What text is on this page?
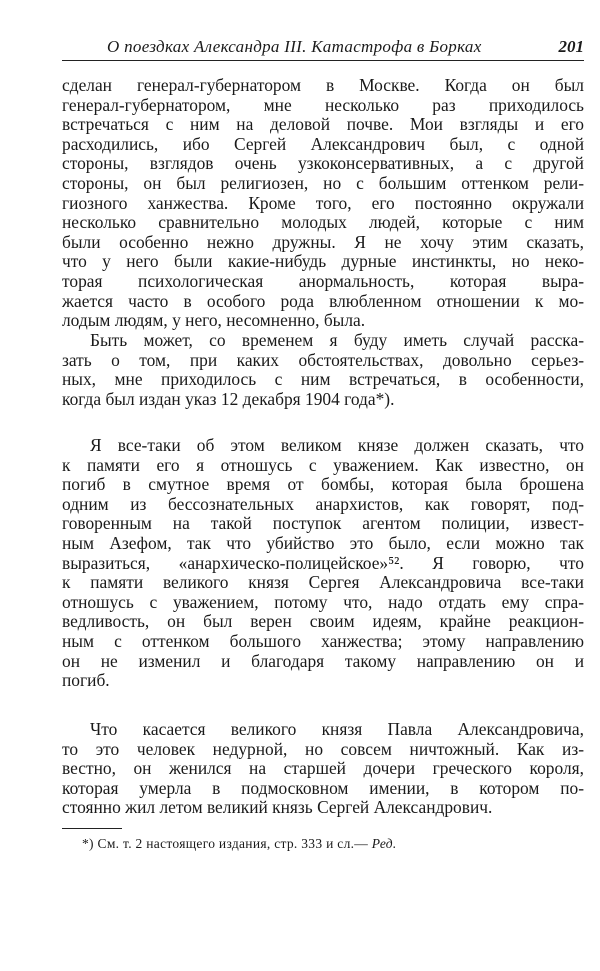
О поездках Александра III. Катастрофа в Борках	201
сделан генерал-губернатором в Москве. Когда он был
генерал-губернатором, мне несколько раз приходилось
встречаться с ним на деловой почве. Мои взгляды и его
расходились, ибо Сергей Александрович был, с одной
стороны, взглядов очень узкоконсервативных, а с другой
стороны, он был религиозен, но с большим оттенком рели-
гиозного ханжества. Кроме того, его постоянно окружали
несколько сравнительно молодых людей, которые с ним
были особенно нежно дружны. Я не хочу этим сказать,
что у него были какие-нибудь дурные инстинкты, но неко-
торая психологическая анормальность, которая выра-
жается часто в особого рода влюбленном отношении к мо-
лодым людям, у него, несомненно, была.
Быть может, со временем я буду иметь случай расска-
зать о том, при каких обстоятельствах, довольно серьез-
ных, мне приходилось с ним встречаться, в особенности,
когда был издан указ 12 декабря 1904 года*).
Я все-таки об этом великом князе должен сказать, что
к памяти его я отношусь с уважением. Как известно, он
погиб в смутное время от бомбы, которая была брошена
одним из бессознательных анархистов, как говорят, под-
говоренным на такой поступок агентом полиции, извест-
ным Азефом, так что убийство это было, если можно так
выразиться, «анархическо-полицейское»⁵². Я говорю, что
к памяти великого князя Сергея Александровича все-таки
отношусь с уважением, потому что, надо отдать ему спра-
ведливость, он был верен своим идеям, крайне реакцион-
ным с оттенком большого ханжества; этому направлению
он не изменил и благодаря такому направлению он и
погиб.
Что касается великого князя Павла Александровича,
то это человек недурной, но совсем ничтожный. Как из-
вестно, он женился на старшей дочери греческого короля,
которая умерла в подмосковном имении, в котором по-
стоянно жил летом великий князь Сергей Александрович.
*) См. т. 2 настоящего издания, стр. 333 и сл.— Ред.
